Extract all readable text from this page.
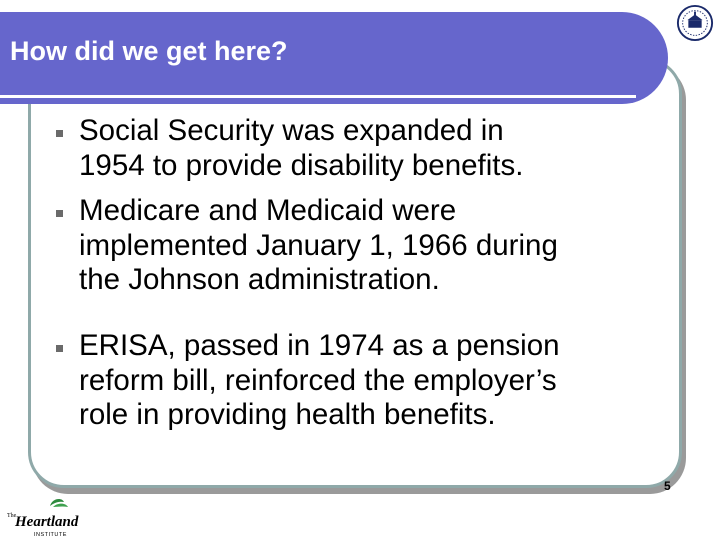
How did we get here?
Social Security was expanded in
1954 to provide disability benefits.
Medicare and Medicaid were
implemented January 1, 1966 during
the Johnson administration.
ERISA, passed in 1974 as a pension
reform bill, reinforced the employer’s
role in providing health benefits.
The
Heartland
INSTITUTE
5
